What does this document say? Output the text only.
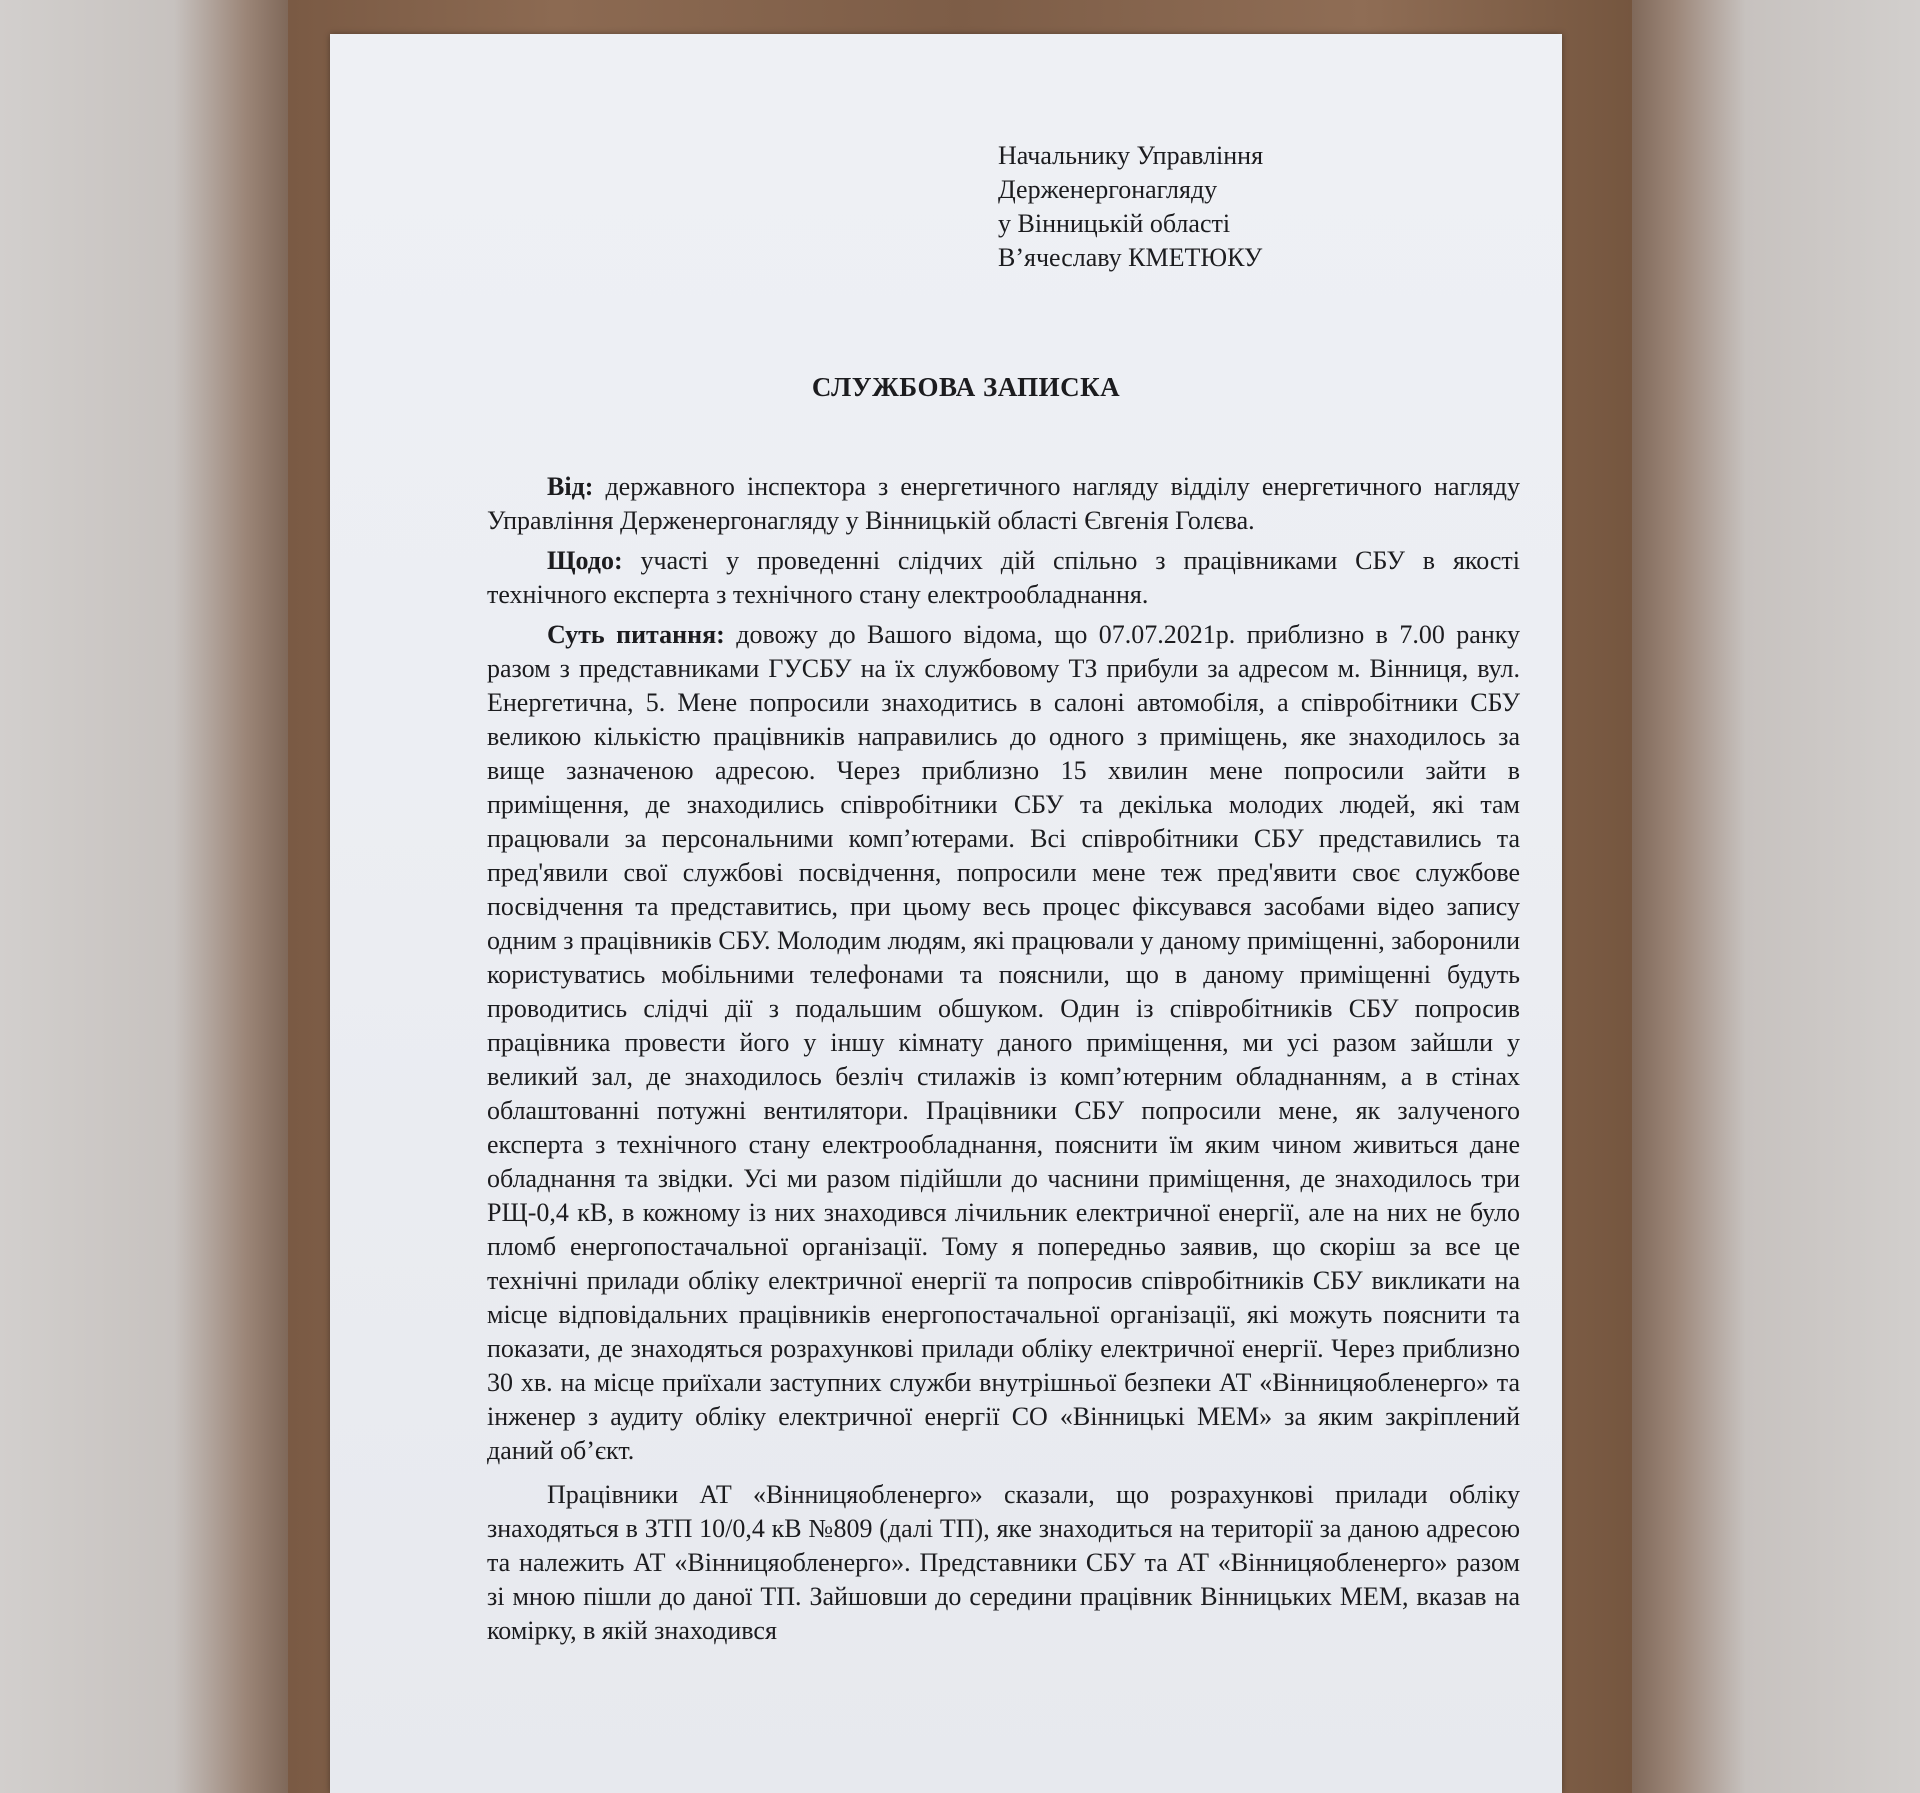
Начальнику Управління
Держенергонагляду
у Вінницькій області
В’ячеславу КМЕТЮКУ
СЛУЖБОВА ЗАПИСКА

Від: державного інспектора з енергетичного нагляду відділу енергетичного нагляду Управління Держенергонагляду у Вінницькій області Євгенія Голєва.

Щодо: участі у проведенні слідчих дій спільно з працівниками СБУ в якості технічного експерта з технічного стану електрообладнання.

Суть питання: довожу до Вашого відома, що 07.07.2021р. приблизно в 7.00 ранку разом з представниками ГУСБУ на їх службовому ТЗ прибули за адресом м. Вінниця, вул. Енергетична, 5. Мене попросили знаходитись в салоні автомобіля, а співробітники СБУ великою кількістю працівників направились до одного з приміщень, яке знаходилось за вище зазначеною адресою. Через приблизно 15 хвилин мене попросили зайти в приміщення, де знаходились співробітники СБУ та декілька молодих людей, які там працювали за персональними комп’ютерами. Всі співробітники СБУ представились та пред'явили свої службові посвідчення, попросили мене теж пред'явити своє службове посвідчення та представитись, при цьому весь процес фіксувався засобами відео запису одним з працівників СБУ. Молодим людям, які працювали у даному приміщенні, заборонили користуватись мобільними телефонами та пояснили, що в даному приміщенні будуть проводитись слідчі дії з подальшим обшуком. Один із співробітників СБУ попросив працівника провести його у іншу кімнату даного приміщення, ми усі разом зайшли у великий зал, де знаходилось безліч стилажів із комп’ютерним обладнанням, а в стінах облаштованні потужні вентилятори. Працівники СБУ попросили мене, як залученого експерта з технічного стану електрообладнання, пояснити їм яким чином живиться дане обладнання та звідки. Усі ми разом підійшли до часнини приміщення, де знаходилось три РЩ-0,4 кВ, в кожному із них знаходився лічильник електричної енергії, але на них не було пломб енергопостачальної організації. Тому я попередньо заявив, що скоріш за все це технічні прилади обліку електричної енергії та попросив співробітників СБУ викликати на місце відповідальних працівників енергопостачальної організації, які можуть пояснити та показати, де знаходяться розрахункові прилади обліку електричної енергії. Через приблизно 30 хв. на місце приїхали заступних служби внутрішньої безпеки АТ «Вінницяобленерго» та інженер з аудиту обліку електричної енергії СО «Вінницькі МЕМ» за яким закріплений даний об’єкт.

Працівники АТ «Вінницяобленерго» сказали, що розрахункові прилади обліку знаходяться в ЗТП 10/0,4 кВ №809 (далі ТП), яке знаходиться на території за даною адресою та належить АТ «Вінницяобленерго». Представники СБУ та АТ «Вінницяобленерго» разом зі мною пішли до даної ТП. Зайшовши до середини працівник Вінницьких МЕМ, вказав на комірку, в якій знаходився
